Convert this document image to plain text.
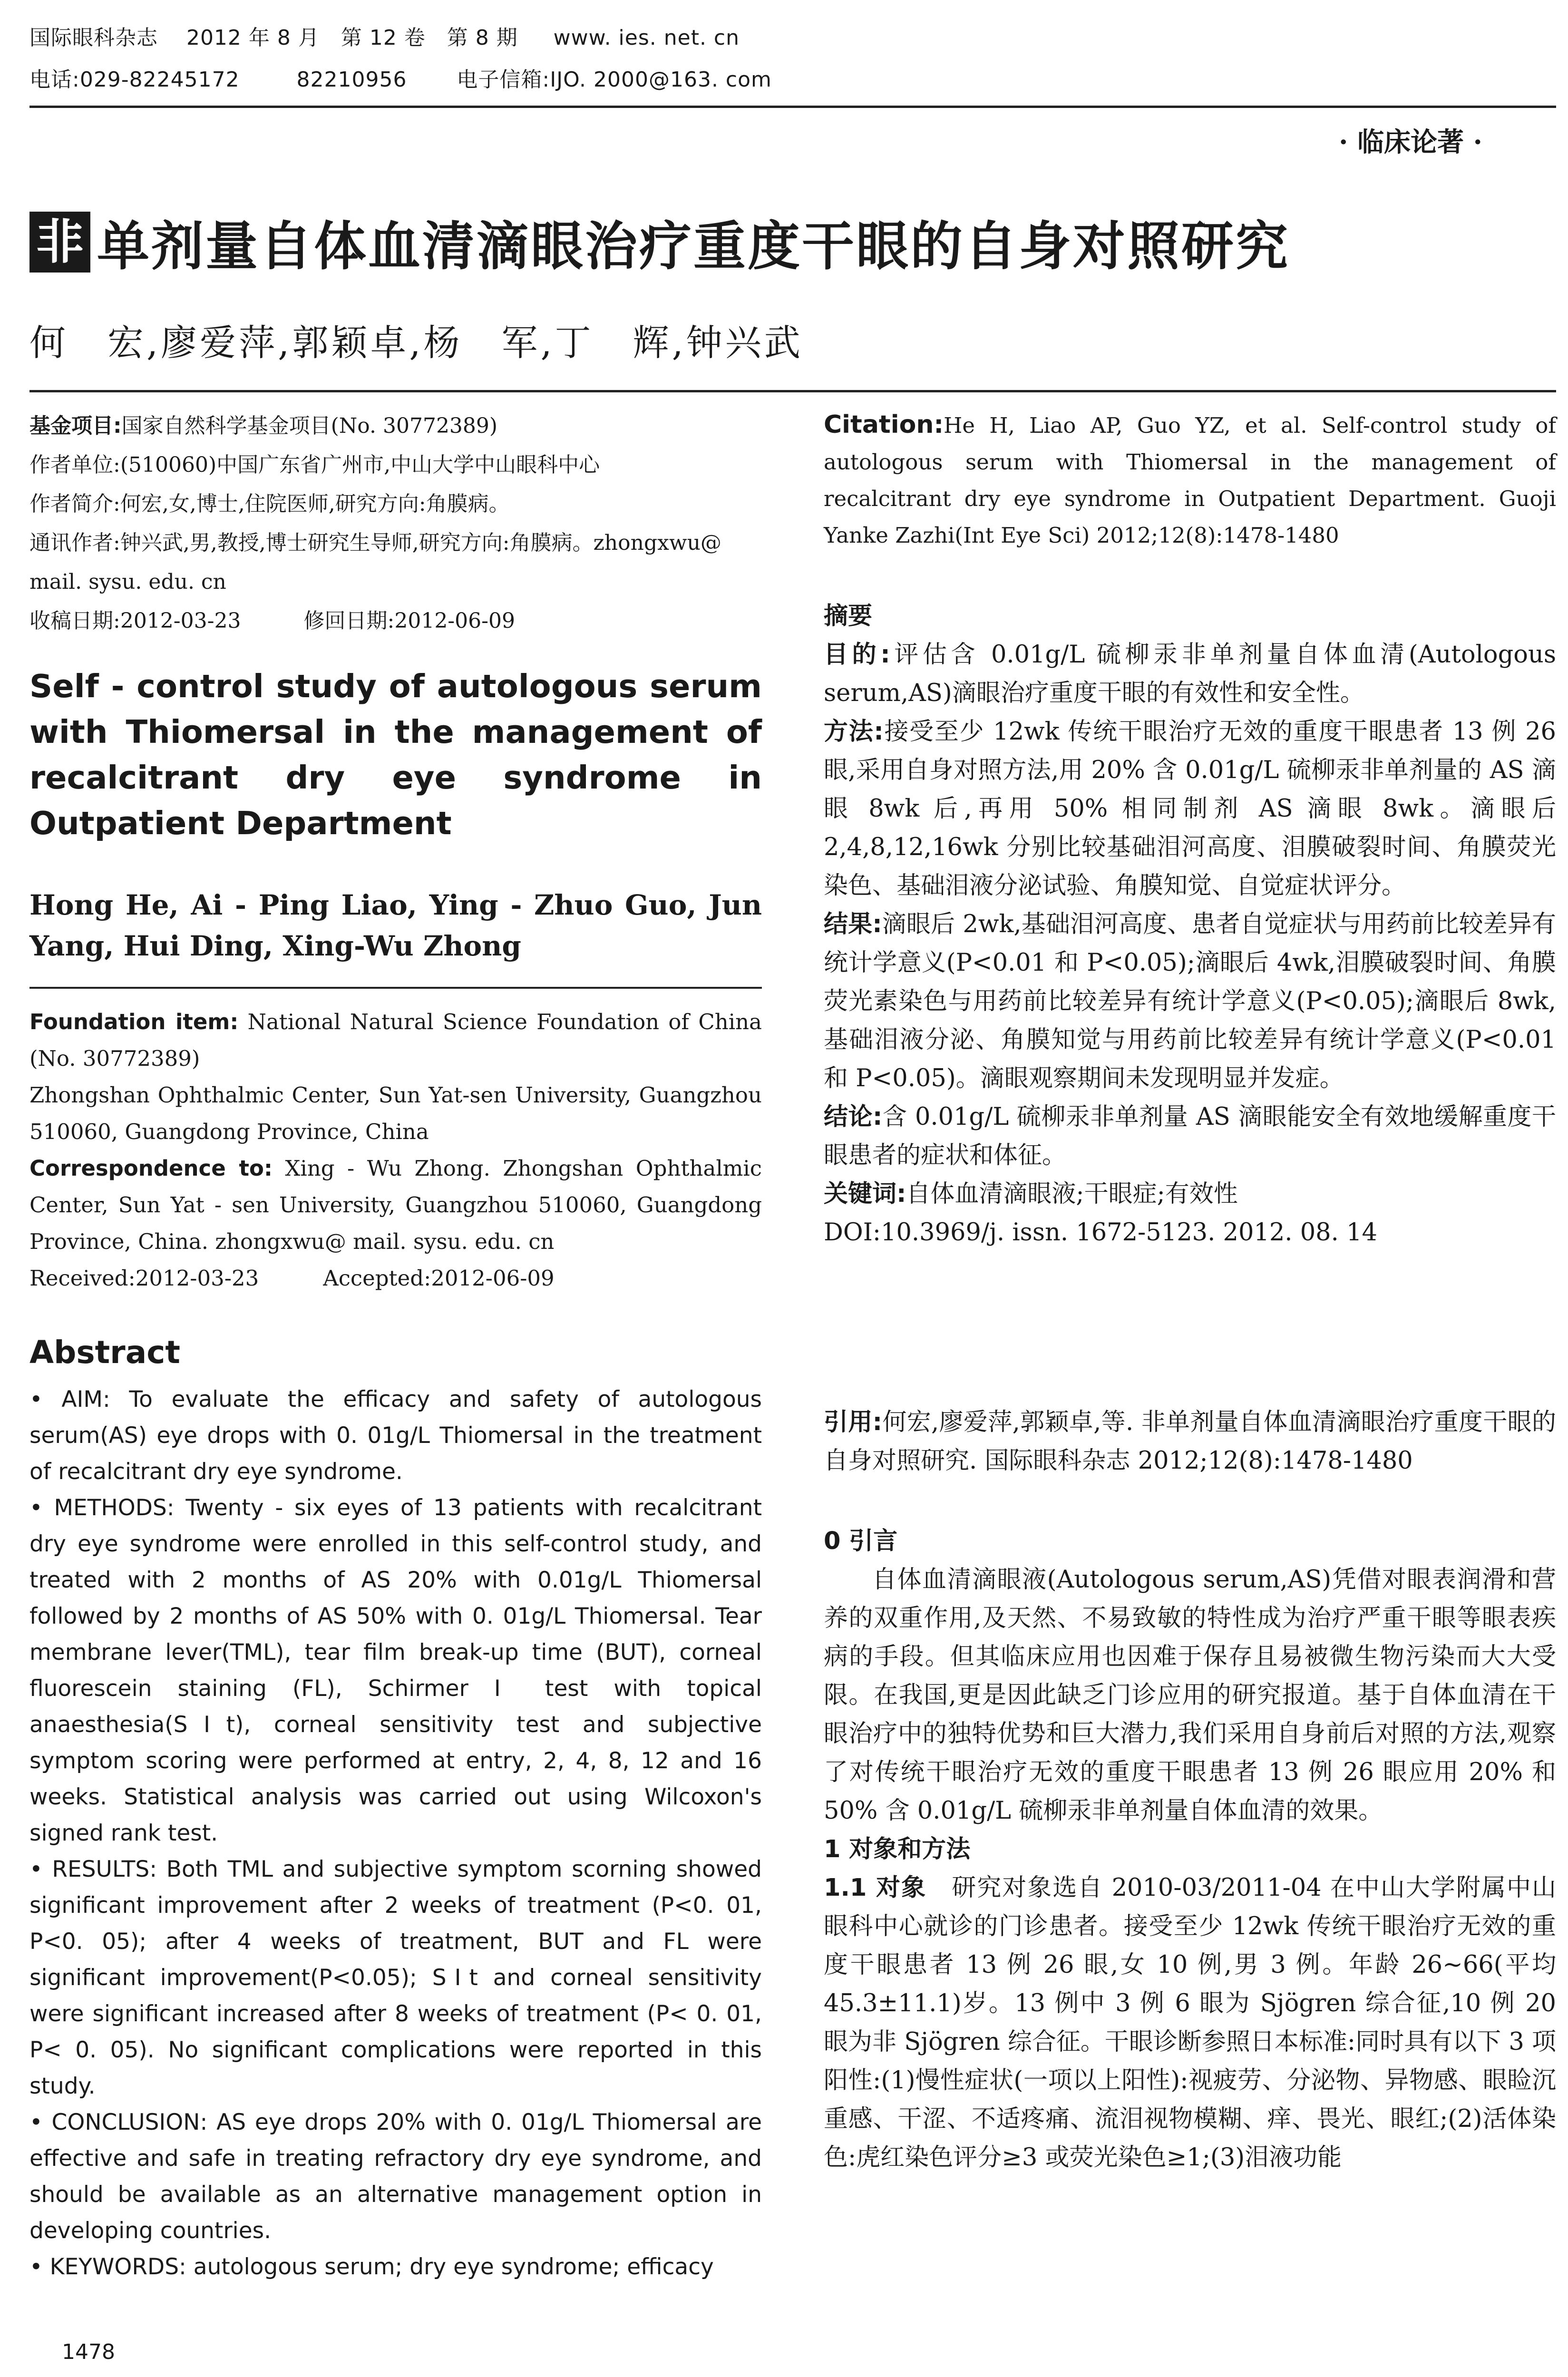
国际眼科杂志    2012 年 8 月   第 12 卷   第 8 期     www. ies. net. cn
电话:029-82245172        82210956       电子信箱:IJO. 2000@163. com
· 临床论著 ·
非 单剂量自体血清滴眼治疗重度干眼的自身对照研究
何　宏,廖爱萍,郭颖卓,杨　军,丁　辉,钟兴武

基金项目:国家自然科学基金项目(No. 30772389)

作者单位:(510060)中国广东省广州市,中山大学中山眼科中心

作者简介:何宏,女,博士,住院医师,研究方向:角膜病。

通讯作者:钟兴武,男,教授,博士研究生导师,研究方向:角膜病。zhongxwu@ mail. sysu. edu. cn

收稿日期:2012-03-23　　　修回日期:2012-06-09

Self - control study of autologous serum with Thiomersal in the management of recalcitrant dry eye syndrome in Outpatient Department
Hong He, Ai - Ping Liao, Ying - Zhuo Guo, Jun Yang, Hui Ding, Xing-Wu Zhong

Foundation item: National Natural Science Foundation of China (No. 30772389)

Zhongshan Ophthalmic Center, Sun Yat-sen University, Guangzhou 510060, Guangdong Province, China

Correspondence to: Xing - Wu Zhong. Zhongshan Ophthalmic Center, Sun Yat - sen University, Guangzhou 510060, Guangdong Province, China. zhongxwu@ mail. sysu. edu. cn

Received:2012-03-23　　　Accepted:2012-06-09

Abstract

• AIM: To evaluate the efficacy and safety of autologous serum(AS) eye drops with 0. 01g/L Thiomersal in the treatment of recalcitrant dry eye syndrome.

• METHODS: Twenty - six eyes of 13 patients with recalcitrant dry eye syndrome were enrolled in this self-control study, and treated with 2 months of AS 20% with 0.01g/L Thiomersal followed by 2 months of AS 50% with 0. 01g/L Thiomersal. Tear membrane lever(TML), tear film break-up time (BUT), corneal fluorescein staining (FL), Schirmer Ⅰ test with topical anaesthesia(SⅠt), corneal sensitivity test and subjective symptom scoring were performed at entry, 2, 4, 8, 12 and 16 weeks. Statistical analysis was carried out using Wilcoxon's signed rank test.

• RESULTS: Both TML and subjective symptom scorning showed significant improvement after 2 weeks of treatment (P<0. 01, P<0. 05); after 4 weeks of treatment, BUT and FL were significant improvement(P<0.05); SⅠt and corneal sensitivity were significant increased after 8 weeks of treatment (P< 0. 01, P< 0. 05). No significant complications were reported in this study.

• CONCLUSION: AS eye drops 20% with 0. 01g/L Thiomersal are effective and safe in treating refractory dry eye syndrome, and should be available as an alternative management option in developing countries.

• KEYWORDS: autologous serum; dry eye syndrome; efficacy

1478

Citation:He H, Liao AP, Guo YZ, et al. Self-control study of autologous serum with Thiomersal in the management of recalcitrant dry eye syndrome in Outpatient Department. Guoji Yanke Zazhi(Int Eye Sci) 2012;12(8):1478-1480

摘要

目的:评估含 0.01g/L 硫柳汞非单剂量自体血清(Autologous serum,AS)滴眼治疗重度干眼的有效性和安全性。

方法:接受至少 12wk 传统干眼治疗无效的重度干眼患者 13 例 26 眼,采用自身对照方法,用 20% 含 0.01g/L 硫柳汞非单剂量的 AS 滴眼 8wk 后,再用 50% 相同制剂 AS 滴眼 8wk。滴眼后 2,4,8,12,16wk 分别比较基础泪河高度、泪膜破裂时间、角膜荧光染色、基础泪液分泌试验、角膜知觉、自觉症状评分。

结果:滴眼后 2wk,基础泪河高度、患者自觉症状与用药前比较差异有统计学意义(P<0.01 和 P<0.05);滴眼后 4wk,泪膜破裂时间、角膜荧光素染色与用药前比较差异有统计学意义(P<0.05);滴眼后 8wk,基础泪液分泌、角膜知觉与用药前比较差异有统计学意义(P<0.01 和 P<0.05)。滴眼观察期间未发现明显并发症。

结论:含 0.01g/L 硫柳汞非单剂量 AS 滴眼能安全有效地缓解重度干眼患者的症状和体征。

关键词:自体血清滴眼液;干眼症;有效性

DOI:10.3969/j. issn. 1672-5123. 2012. 08. 14

引用:何宏,廖爱萍,郭颖卓,等. 非单剂量自体血清滴眼治疗重度干眼的自身对照研究. 国际眼科杂志 2012;12(8):1478-1480

0 引言

自体血清滴眼液(Autologous serum,AS)凭借对眼表润滑和营养的双重作用,及天然、不易致敏的特性成为治疗严重干眼等眼表疾病的手段。但其临床应用也因难于保存且易被微生物污染而大大受限。在我国,更是因此缺乏门诊应用的研究报道。基于自体血清在干眼治疗中的独特优势和巨大潜力,我们采用自身前后对照的方法,观察了对传统干眼治疗无效的重度干眼患者 13 例 26 眼应用 20% 和 50% 含 0.01g/L 硫柳汞非单剂量自体血清的效果。

1 对象和方法

1.1 对象　 研究对象选自 2010-03/2011-04 在中山大学附属中山眼科中心就诊的门诊患者。接受至少 12wk 传统干眼治疗无效的重度干眼患者 13 例 26 眼,女 10 例,男 3 例。年龄 26~66(平均 45.3±11.1)岁。13 例中 3 例 6 眼为 Sjögren 综合征,10 例 20 眼为非 Sjögren 综合征。干眼诊断参照日本标准:同时具有以下 3 项阳性:(1)慢性症状(一项以上阳性):视疲劳、分泌物、异物感、眼睑沉重感、干涩、不适疼痛、流泪视物模糊、痒、畏光、眼红;(2)活体染色:虎红染色评分≥3 或荧光染色≥1;(3)泪液功能
